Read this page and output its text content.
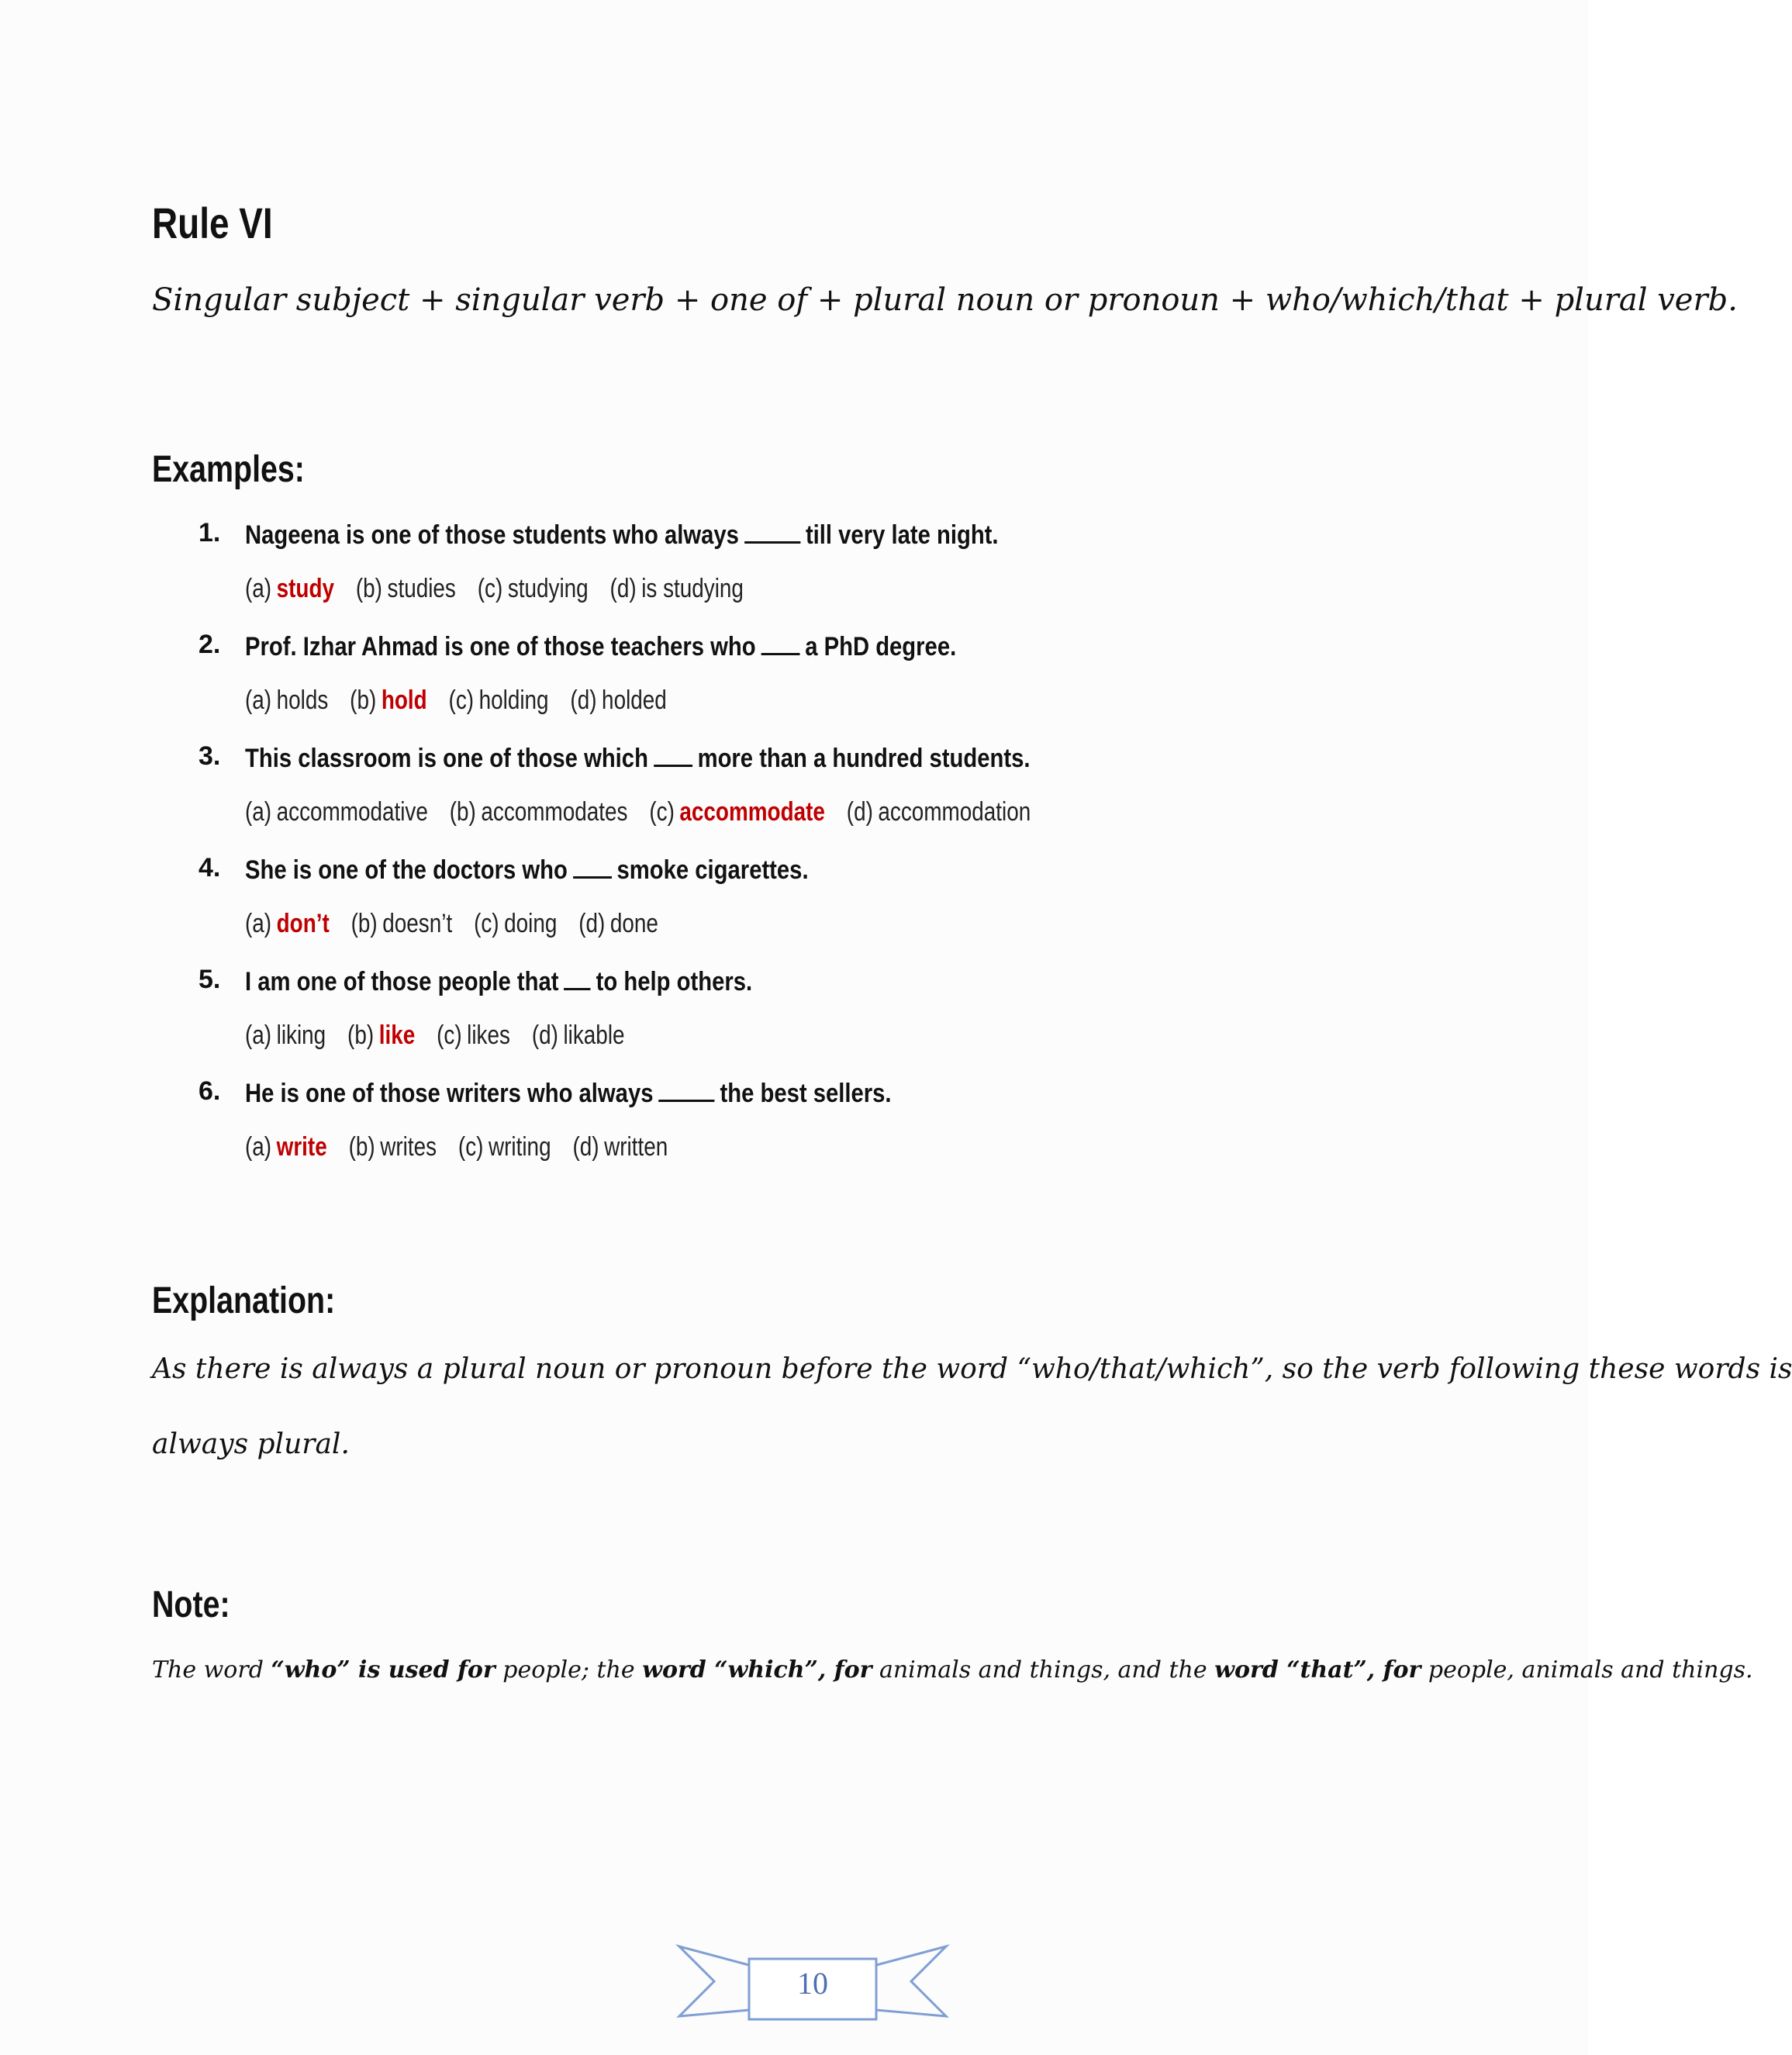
Rule VI
Singular subject + singular verb + one of + plural noun or pronoun + who/which/that + plural verb.
Examples:
1. Nageena is one of those students who always	till very late night.
(a) study (b) studies (c) studying (d) is studying
2. Prof. Izhar Ahmad is one of those teachers who a PhD degree.
(a) holds (b) hold (c) holding (d) holded
3. This classroom is one of those which more than a hundred students.
(a) accommodative (b) accommodates (c) accommodate (d) accommodation
4. She is one of the doctors who smoke cigarettes.
(a) don’t (b) doesn’t (c) doing (d) done
5. I am one of those people that to help others.
(a) liking (b) like (c) likes (d) likable
6. He is one of those writers who always	the best sellers.
(a) write (b) writes (c) writing (d) written
Explanation:
As there is always a plural noun or pronoun before the word “who/that/which”, so the verb following these words is
always plural.
Note:
The word “who” is used for people; the word “which”, for animals and things, and the word “that”, for people, animals and things.
10
